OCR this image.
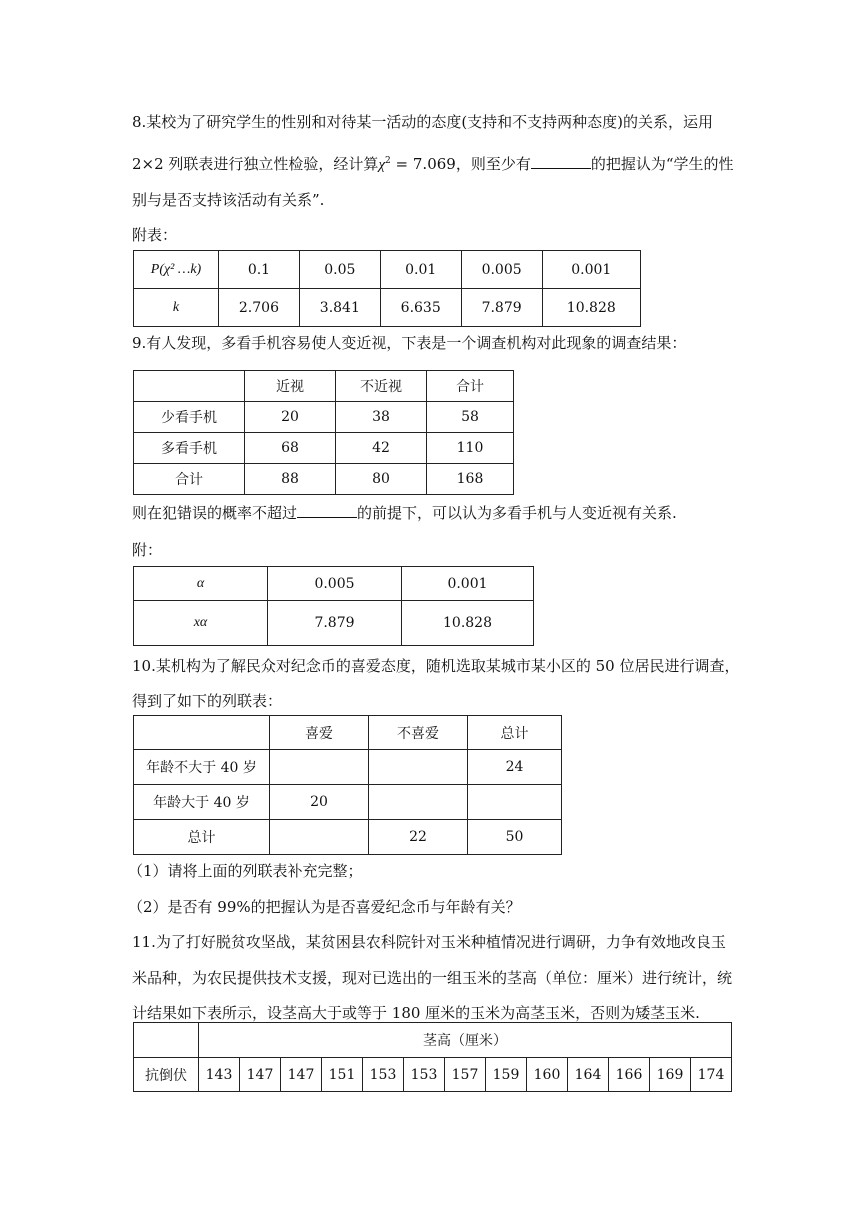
8.某校为了研究学生的性别和对待某一活动的态度(支持和不支持两种态度)的关系，运用
2×2 列联表进行独立性检验，经计算$\chi^2 = 7.069$，则至少有	的把握认为“学生的性
别与是否支持该活动有关系”.
附表：
P(χ² …k)	0.1	0.05	0.01	0.005	0.001
k	2.706	3.841	6.635	7.879	10.828
9.有人发现，多看手机容易使人变近视，下表是一个调查机构对此现象的调查结果：
	近视	不近视	合计
少看手机	20	38	58
多看手机	68	42	110
合计	88	80	168
则在犯错误的概率不超过	的前提下，可以认为多看手机与人变近视有关系.
附：
α	0.005	0.001
xα	7.879	10.828
10.某机构为了解民众对纪念币的喜爱态度，随机选取某城市某小区的 50 位居民进行调查，
得到了如下的列联表：
	喜爱	不喜爱	总计
年龄不大于 40 岁			24
年龄大于 40 岁	20		
总计		22	50
（1）请将上面的列联表补充完整；
（2）是否有 99%的把握认为是否喜爱纪念币与年龄有关？
11.为了打好脱贫攻坚战，某贫困县农科院针对玉米种植情况进行调研，力争有效地改良玉
米品种，为农民提供技术支援，现对已选出的一组玉米的茎高（单位：厘米）进行统计，统
计结果如下表所示，设茎高大于或等于 180 厘米的玉米为高茎玉米，否则为矮茎玉米.
	茎高（厘米）												
抗倒伏	143	147	147	151	153	153	157	159	160	164	166	169	174
